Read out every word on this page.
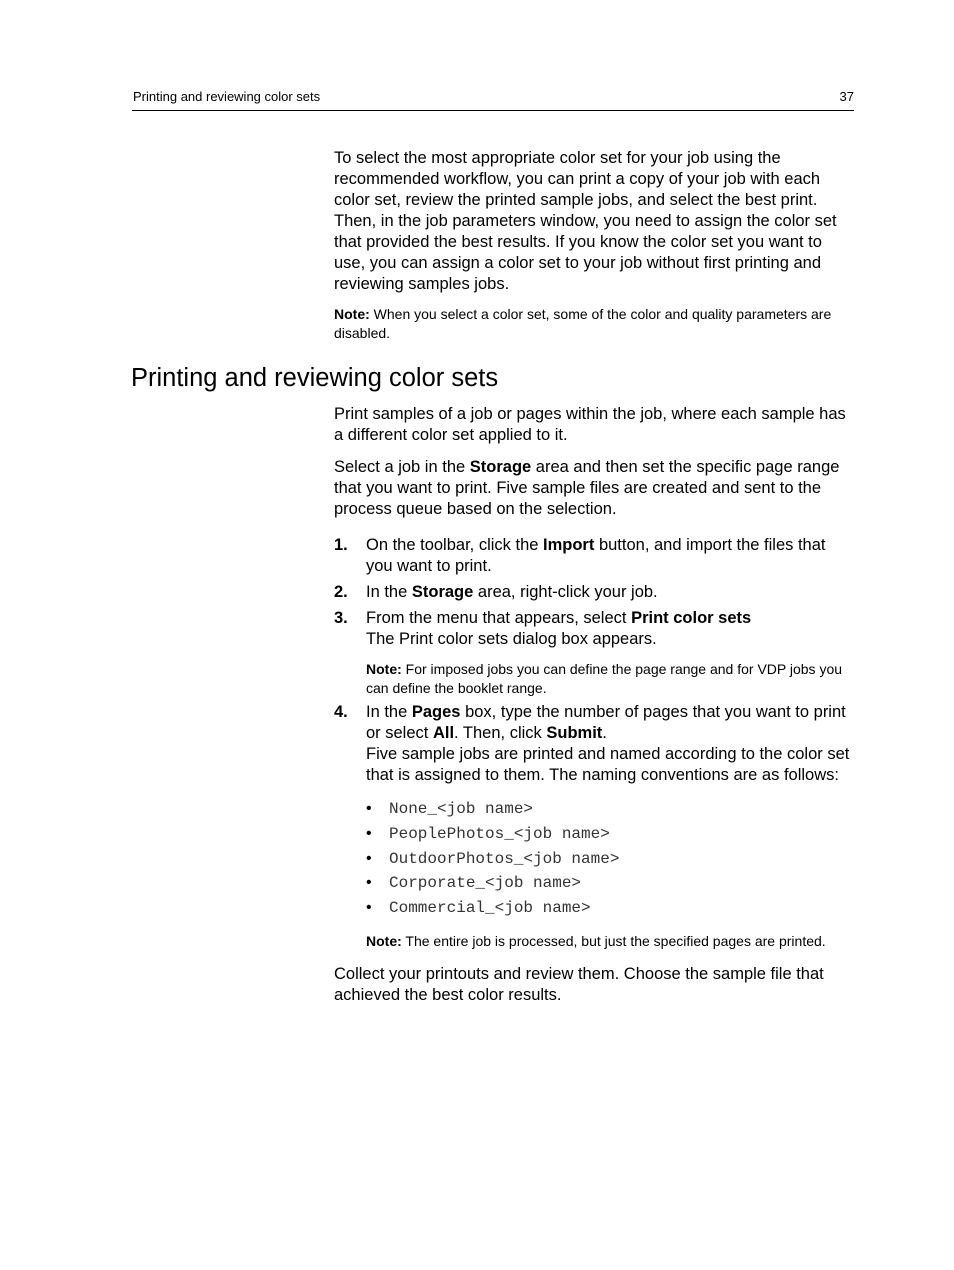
Printing and reviewing color sets	37

To select the most appropriate color set for your job using the recommended workflow, you can print a copy of your job with each color set, review the printed sample jobs, and select the best print. Then, in the job parameters window, you need to assign the color set that provided the best results. If you know the color set you want to use, you can assign a color set to your job without first printing and reviewing samples jobs.

Note: When you select a color set, some of the color and quality parameters are disabled.

Printing and reviewing color sets

Print samples of a job or pages within the job, where each sample has a different color set applied to it.

Select a job in the Storage area and then set the specific page range that you want to print. Five sample files are created and sent to the process queue based on the selection.

1. On the toolbar, click the Import button, and import the files that you want to print.

2. In the Storage area, right-click your job.

3. From the menu that appears, select Print color sets

The Print color sets dialog box appears.

Note: For imposed jobs you can define the page range and for VDP jobs you can define the booklet range.

4. In the Pages box, type the number of pages that you want to print or select All. Then, click Submit.

Five sample jobs are printed and named according to the color set that is assigned to them. The naming conventions are as follows:

• None_<job name>
• PeoplePhotos_<job name>
• OutdoorPhotos_<job name>
• Corporate_<job name>
• Commercial_<job name>

Note: The entire job is processed, but just the specified pages are printed.

Collect your printouts and review them. Choose the sample file that achieved the best color results.
